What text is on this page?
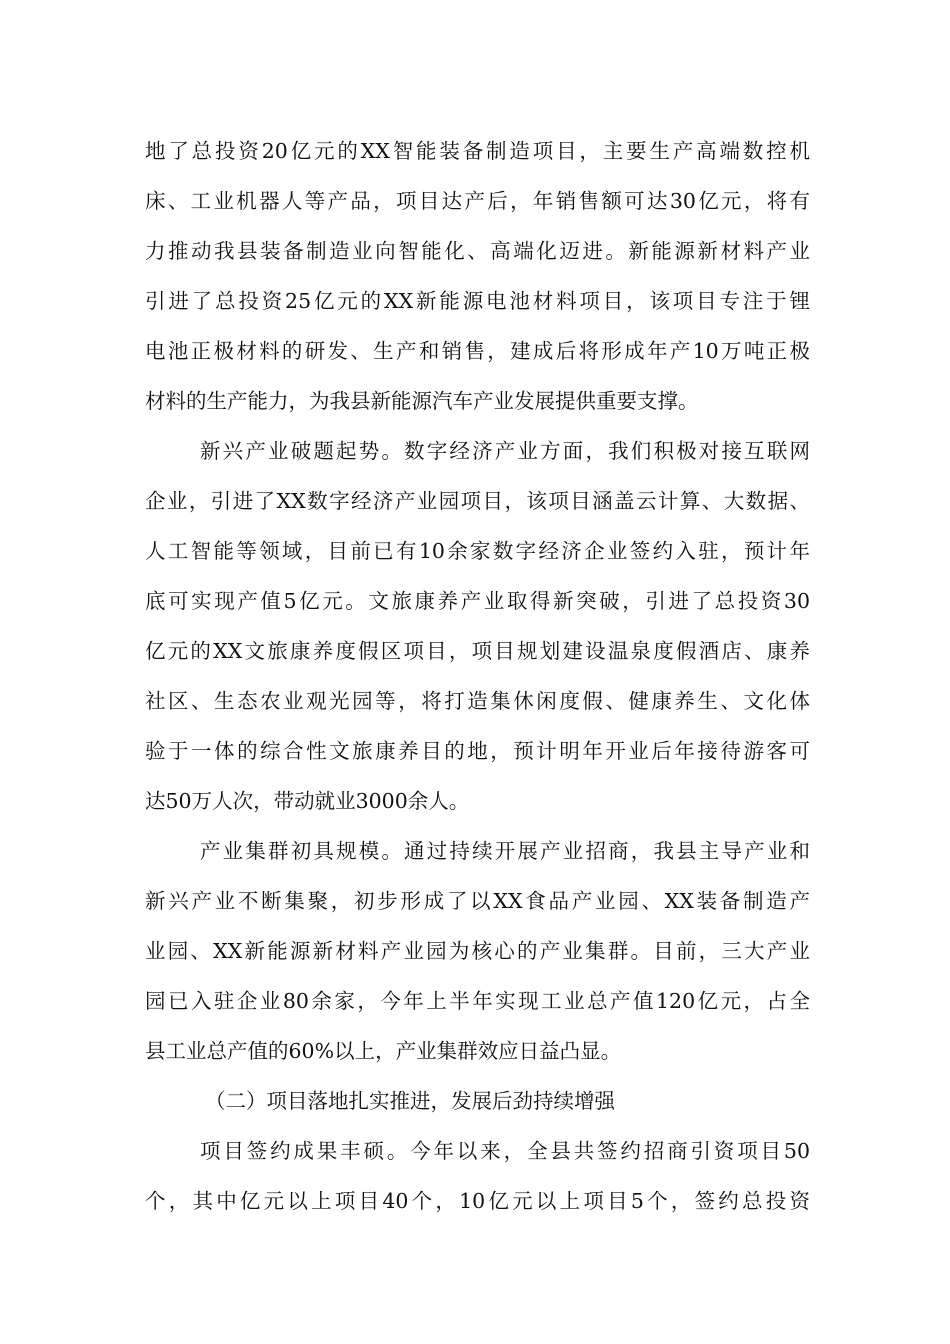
地了总投资20亿元的XX智能装备制造项目，主要生产高端数控机
床、工业机器人等产品，项目达产后，年销售额可达30亿元，将有
力推动我县装备制造业向智能化、高端化迈进。新能源新材料产业
引进了总投资25亿元的XX新能源电池材料项目，该项目专注于锂
电池正极材料的研发、生产和销售，建成后将形成年产10万吨正极
材料的生产能力，为我县新能源汽车产业发展提供重要支撑。
新兴产业破题起势。数字经济产业方面，我们积极对接互联网
企业，引进了XX数字经济产业园项目，该项目涵盖云计算、大数据、
人工智能等领域，目前已有10余家数字经济企业签约入驻，预计年
底可实现产值5亿元。文旅康养产业取得新突破，引进了总投资30
亿元的XX文旅康养度假区项目，项目规划建设温泉度假酒店、康养
社区、生态农业观光园等，将打造集休闲度假、健康养生、文化体
验于一体的综合性文旅康养目的地，预计明年开业后年接待游客可
达50万人次，带动就业3000余人。
产业集群初具规模。通过持续开展产业招商，我县主导产业和
新兴产业不断集聚，初步形成了以XX食品产业园、XX装备制造产
业园、XX新能源新材料产业园为核心的产业集群。目前，三大产业
园已入驻企业80余家，今年上半年实现工业总产值120亿元，占全
县工业总产值的60%以上，产业集群效应日益凸显。
（二）项目落地扎实推进，发展后劲持续增强
项目签约成果丰硕。今年以来，全县共签约招商引资项目50
个，其中亿元以上项目40个，10亿元以上项目5个，签约总投资
